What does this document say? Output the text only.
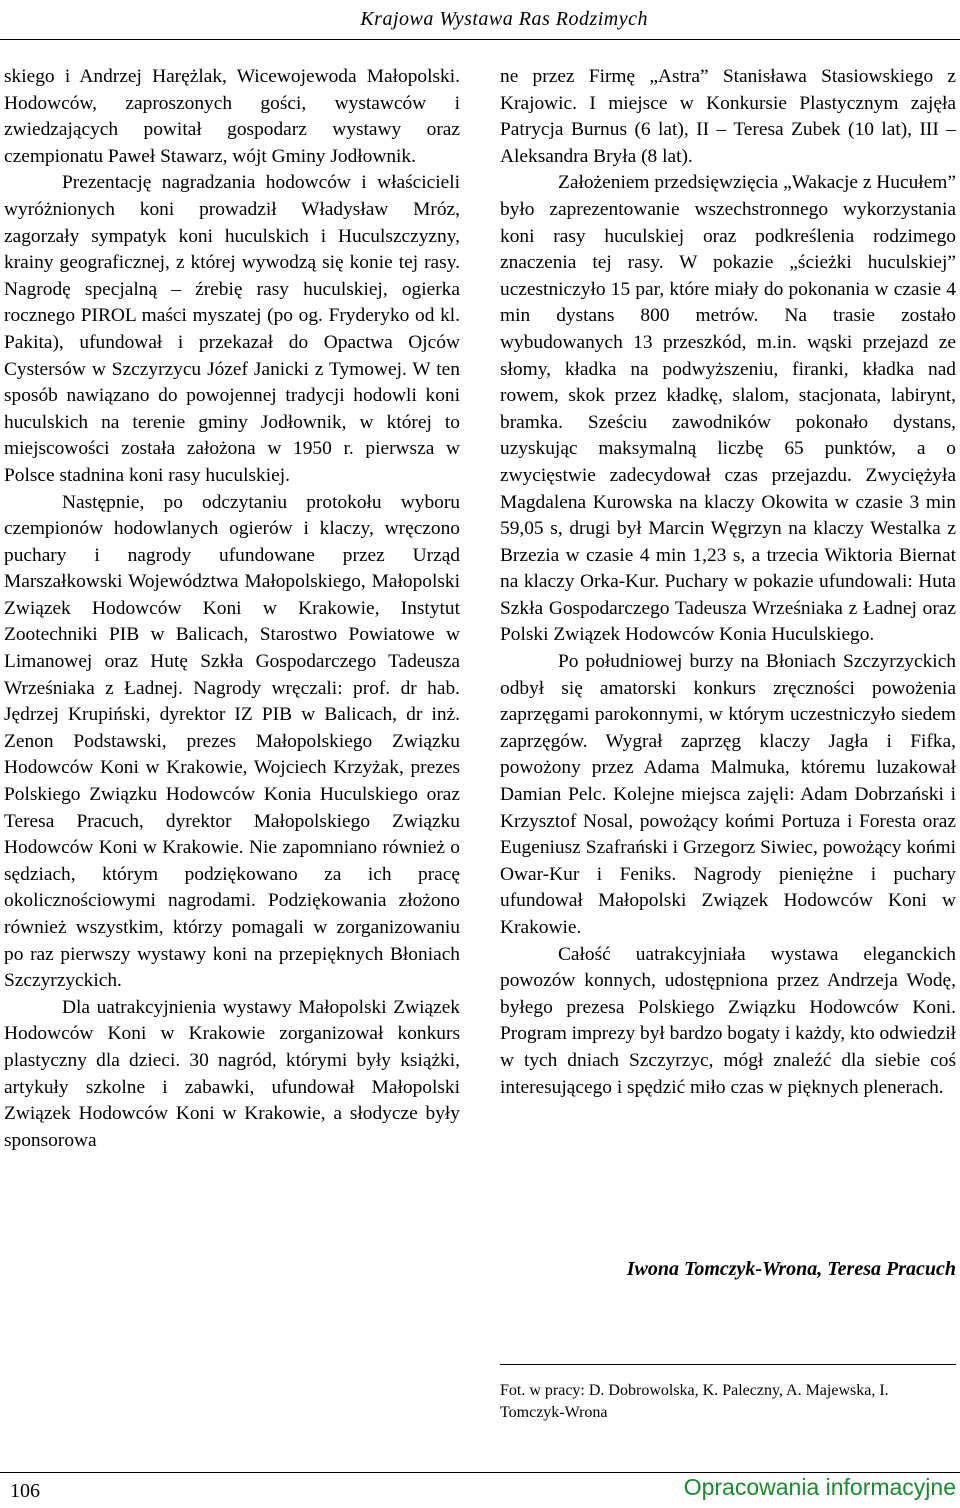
Krajowa Wystawa Ras Rodzimych

skiego i Andrzej Harężlak, Wicewojewoda Małopolski. Hodowców, zaproszonych gości, wystawców i zwiedzających powitał gospodarz wystawy oraz czempionatu Paweł Stawarz, wójt Gminy Jodłownik.

Prezentację nagradzania hodowców i właścicieli wyróżnionych koni prowadził Władysław Mróz, zagorzały sympatyk koni huculskich i Huculszczyzny, krainy geograficznej, z której wywodzą się konie tej rasy. Nagrodę specjalną – źrebię rasy huculskiej, ogierka rocznego PIROL maści myszatej (po og. Fryderyko od kl. Pakita), ufundował i przekazał do Opactwa Ojców Cystersów w Szczyrzycu Józef Janicki z Tymowej. W ten sposób nawiązano do powojennej tradycji hodowli koni huculskich na terenie gminy Jodłownik, w której to miejscowości została założona w 1950 r. pierwsza w Polsce stadnina koni rasy huculskiej.

Następnie, po odczytaniu protokołu wyboru czempionów hodowlanych ogierów i klaczy, wręczono puchary i nagrody ufundowane przez Urząd Marszałkowski Województwa Małopolskiego, Małopolski Związek Hodowców Koni w Krakowie, Instytut Zootechniki PIB w Balicach, Starostwo Powiatowe w Limanowej oraz Hutę Szkła Gospodarczego Tadeusza Wrześniaka z Ładnej. Nagrody wręczali: prof. dr hab. Jędrzej Krupiński, dyrektor IZ PIB w Balicach, dr inż. Zenon Podstawski, prezes Małopolskiego Związku Hodowców Koni w Krakowie, Wojciech Krzyżak, prezes Polskiego Związku Hodowców Konia Huculskiego oraz Teresa Pracuch, dyrektor Małopolskiego Związku Hodowców Koni w Krakowie. Nie zapomniano również o sędziach, którym podziękowano za ich pracę okolicznościowymi nagrodami. Podziękowania złożono również wszystkim, którzy pomagali w zorganizowaniu po raz pierwszy wystawy koni na przepięknych Błoniach Szczyrzyckich.

Dla uatrakcyjnienia wystawy Małopolski Związek Hodowców Koni w Krakowie zorganizował konkurs plastyczny dla dzieci. 30 nagród, którymi były książki, artykuły szkolne i zabawki, ufundował Małopolski Związek Hodowców Koni w Krakowie, a słodycze były sponsorowa

ne przez Firmę „Astra” Stanisława Stasiowskiego z Krajowic. I miejsce w Konkursie Plastycznym zajęła Patrycja Burnus (6 lat), II – Teresa Zubek (10 lat), III – Aleksandra Bryła (8 lat).

Założeniem przedsięwzięcia „Wakacje z Hucułem” było zaprezentowanie wszechstronnego wykorzystania koni rasy huculskiej oraz podkreślenia rodzimego znaczenia tej rasy. W pokazie „ścieżki huculskiej” uczestniczyło 15 par, które miały do pokonania w czasie 4 min dystans 800 metrów. Na trasie zostało wybudowanych 13 przeszkód, m.in. wąski przejazd ze słomy, kładka na podwyższeniu, firanki, kładka nad rowem, skok przez kładkę, slalom, stacjonata, labirynt, bramka. Sześciu zawodników pokonało dystans, uzyskując maksymalną liczbę 65 punktów, a o zwycięstwie zadecydował czas przejazdu. Zwyciężyła Magdalena Kurowska na klaczy Okowita w czasie 3 min 59,05 s, drugi był Marcin Węgrzyn na klaczy Westalka z Brzezia w czasie 4 min 1,23 s, a trzecia Wiktoria Biernat na klaczy Orka-Kur. Puchary w pokazie ufundowali: Huta Szkła Gospodarczego Tadeusza Wrześniaka z Ładnej oraz Polski Związek Hodowców Konia Huculskiego.

Po południowej burzy na Błoniach Szczyrzyckich odbył się amatorski konkurs zręczności powożenia zaprzęgami parokonnymi, w którym uczestniczyło siedem zaprzęgów. Wygrał zaprzęg klaczy Jagła i Fifka, powożony przez Adama Malmuka, któremu luzakował Damian Pelc. Kolejne miejsca zajęli: Adam Dobrzański i Krzysztof Nosal, powożący końmi Portuza i Foresta oraz Eugeniusz Szafrański i Grzegorz Siwiec, powożący końmi Owar-Kur i Feniks. Nagrody pieniężne i puchary ufundował Małopolski Związek Hodowców Koni w Krakowie.

Całość uatrakcyjniała wystawa eleganckich powozów konnych, udostępniona przez Andrzeja Wodę, byłego prezesa Polskiego Związku Hodowców Koni. Program imprezy był bardzo bogaty i każdy, kto odwiedził w tych dniach Szczyrzyc, mógł znaleźć dla siebie coś interesującego i spędzić miło czas w pięknych plenerach.

Iwona Tomczyk-Wrona, Teresa Pracuch
Fot. w pracy: D. Dobrowolska, K. Paleczny, A. Majewska, I. Tomczyk-Wrona
106	Opracowania informacyjne
